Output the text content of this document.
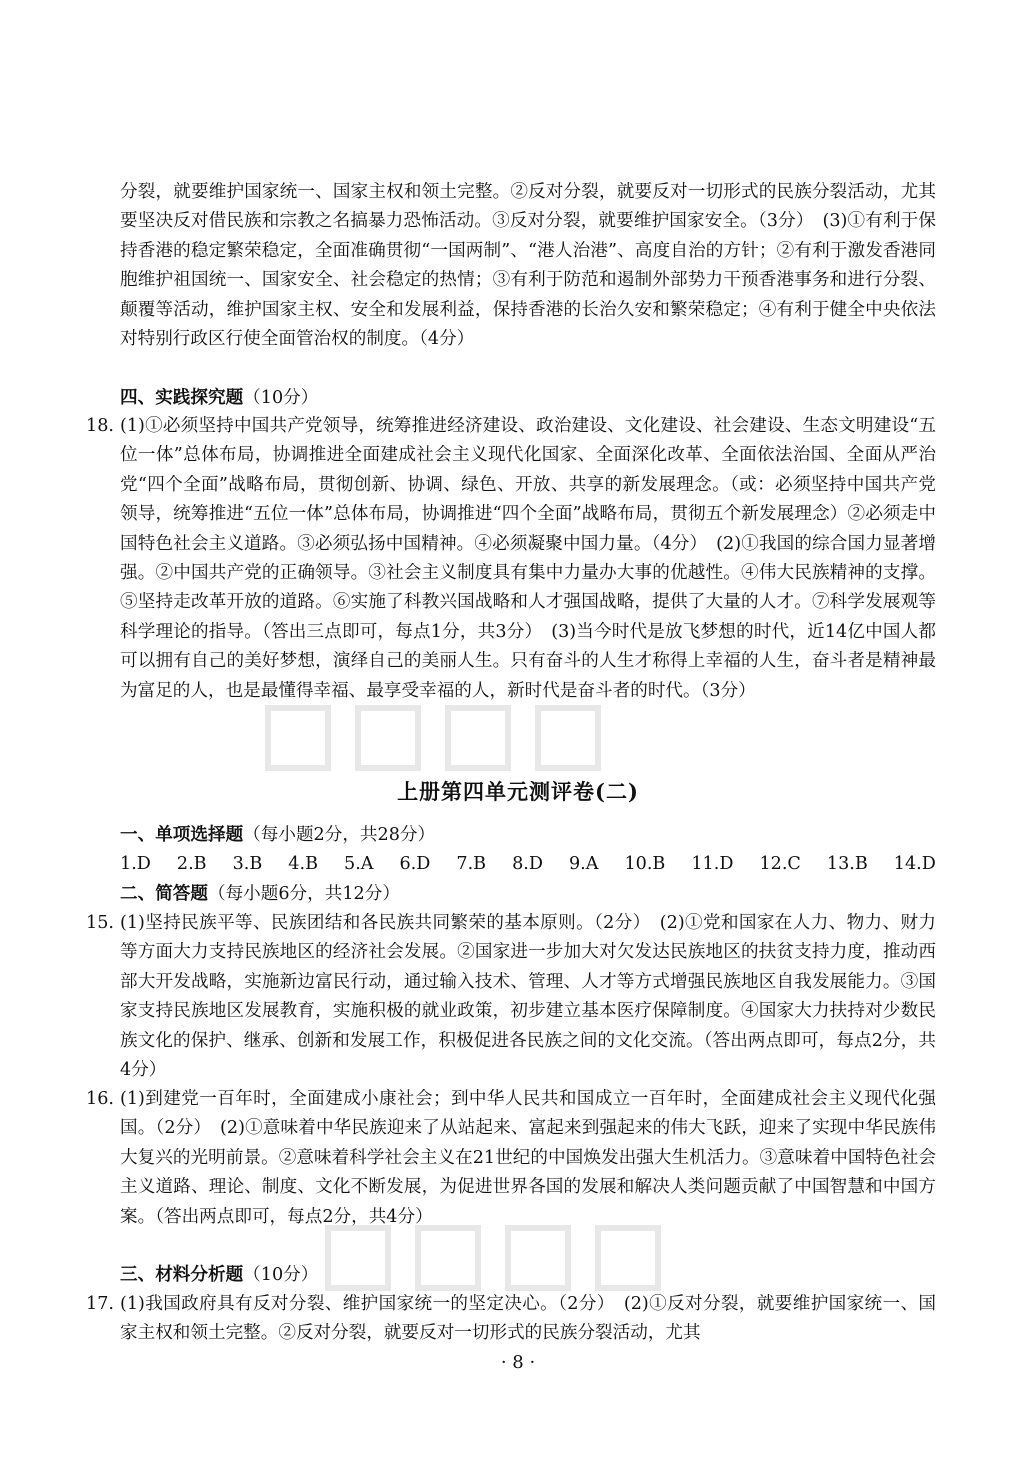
分裂，就要维护国家统一、国家主权和领土完整。②反对分裂，就要反对一切形式的民族分裂活动，尤其要坚决反对借民族和宗教之名搞暴力恐怖活动。③反对分裂，就要维护国家安全。（3分）　(3)①有利于保持香港的稳定繁荣稳定，全面准确贯彻“一国两制”、“港人治港”、高度自治的方针；②有利于激发香港同胞维护祖国统一、国家安全、社会稳定的热情；③有利于防范和遏制外部势力干预香港事务和进行分裂、颠覆等活动，维护国家主权、安全和发展利益，保持香港的长治久安和繁荣稳定；④有利于健全中央依法对特别行政区行使全面管治权的制度。（4分）

四、实践探究题（10分）
18. (1)①必须坚持中国共产党领导，统筹推进经济建设、政治建设、文化建设、社会建设、生态文明建设“五位一体”总体布局，协调推进全面建成社会主义现代化国家、全面深化改革、全面依法治国、全面从严治党“四个全面”战略布局，贯彻创新、协调、绿色、开放、共享的新发展理念。（或：必须坚持中国共产党领导，统筹推进“五位一体”总体布局，协调推进“四个全面”战略布局，贯彻五个新发展理念）②必须走中国特色社会主义道路。③必须弘扬中国精神。④必须凝聚中国力量。（4分）　(2)①我国的综合国力显著增强。②中国共产党的正确领导。③社会主义制度具有集中力量办大事的优越性。④伟大民族精神的支撑。⑤坚持走改革开放的道路。⑥实施了科教兴国战略和人才强国战略，提供了大量的人才。⑦科学发展观等科学理论的指导。（答出三点即可，每点1分，共3分）　(3)当今时代是放飞梦想的时代，近14亿中国人都可以拥有自己的美好梦想，演绎自己的美丽人生。只有奋斗的人生才称得上幸福的人生，奋斗者是精神最为富足的人，也是最懂得幸福、最享受幸福的人，新时代是奋斗者的时代。（3分）
上册第四单元测评卷(二)
一、单项选择题（每小题2分，共28分）
1.D 2.B 3.B 4.B 5.A 6.D 7.B 8.D 9.A 10.B 11.D 12.C 13.B 14.D
二、简答题（每小题6分，共12分）
15. (1)坚持民族平等、民族团结和各民族共同繁荣的基本原则。（2分）　(2)①党和国家在人力、物力、财力等方面大力支持民族地区的经济社会发展。②国家进一步加大对欠发达民族地区的扶贫支持力度，推动西部大开发战略，实施新边富民行动，通过输入技术、管理、人才等方式增强民族地区自我发展能力。③国家支持民族地区发展教育，实施积极的就业政策，初步建立基本医疗保障制度。④国家大力扶持对少数民族文化的保护、继承、创新和发展工作，积极促进各民族之间的文化交流。（答出两点即可，每点2分，共4分）
16. (1)到建党一百年时，全面建成小康社会；到中华人民共和国成立一百年时，全面建成社会主义现代化强国。（2分）　(2)①意味着中华民族迎来了从站起来、富起来到强起来的伟大飞跃，迎来了实现中华民族伟大复兴的光明前景。②意味着科学社会主义在21世纪的中国焕发出强大生机活力。③意味着中国特色社会主义道路、理论、制度、文化不断发展，为促进世界各国的发展和解决人类问题贡献了中国智慧和中国方案。（答出两点即可，每点2分，共4分）
三、材料分析题（10分）
17. (1)我国政府具有反对分裂、维护国家统一的坚定决心。（2分）　(2)①反对分裂，就要维护国家统一、国家主权和领土完整。②反对分裂，就要反对一切形式的民族分裂活动，尤其
· 8 ·
